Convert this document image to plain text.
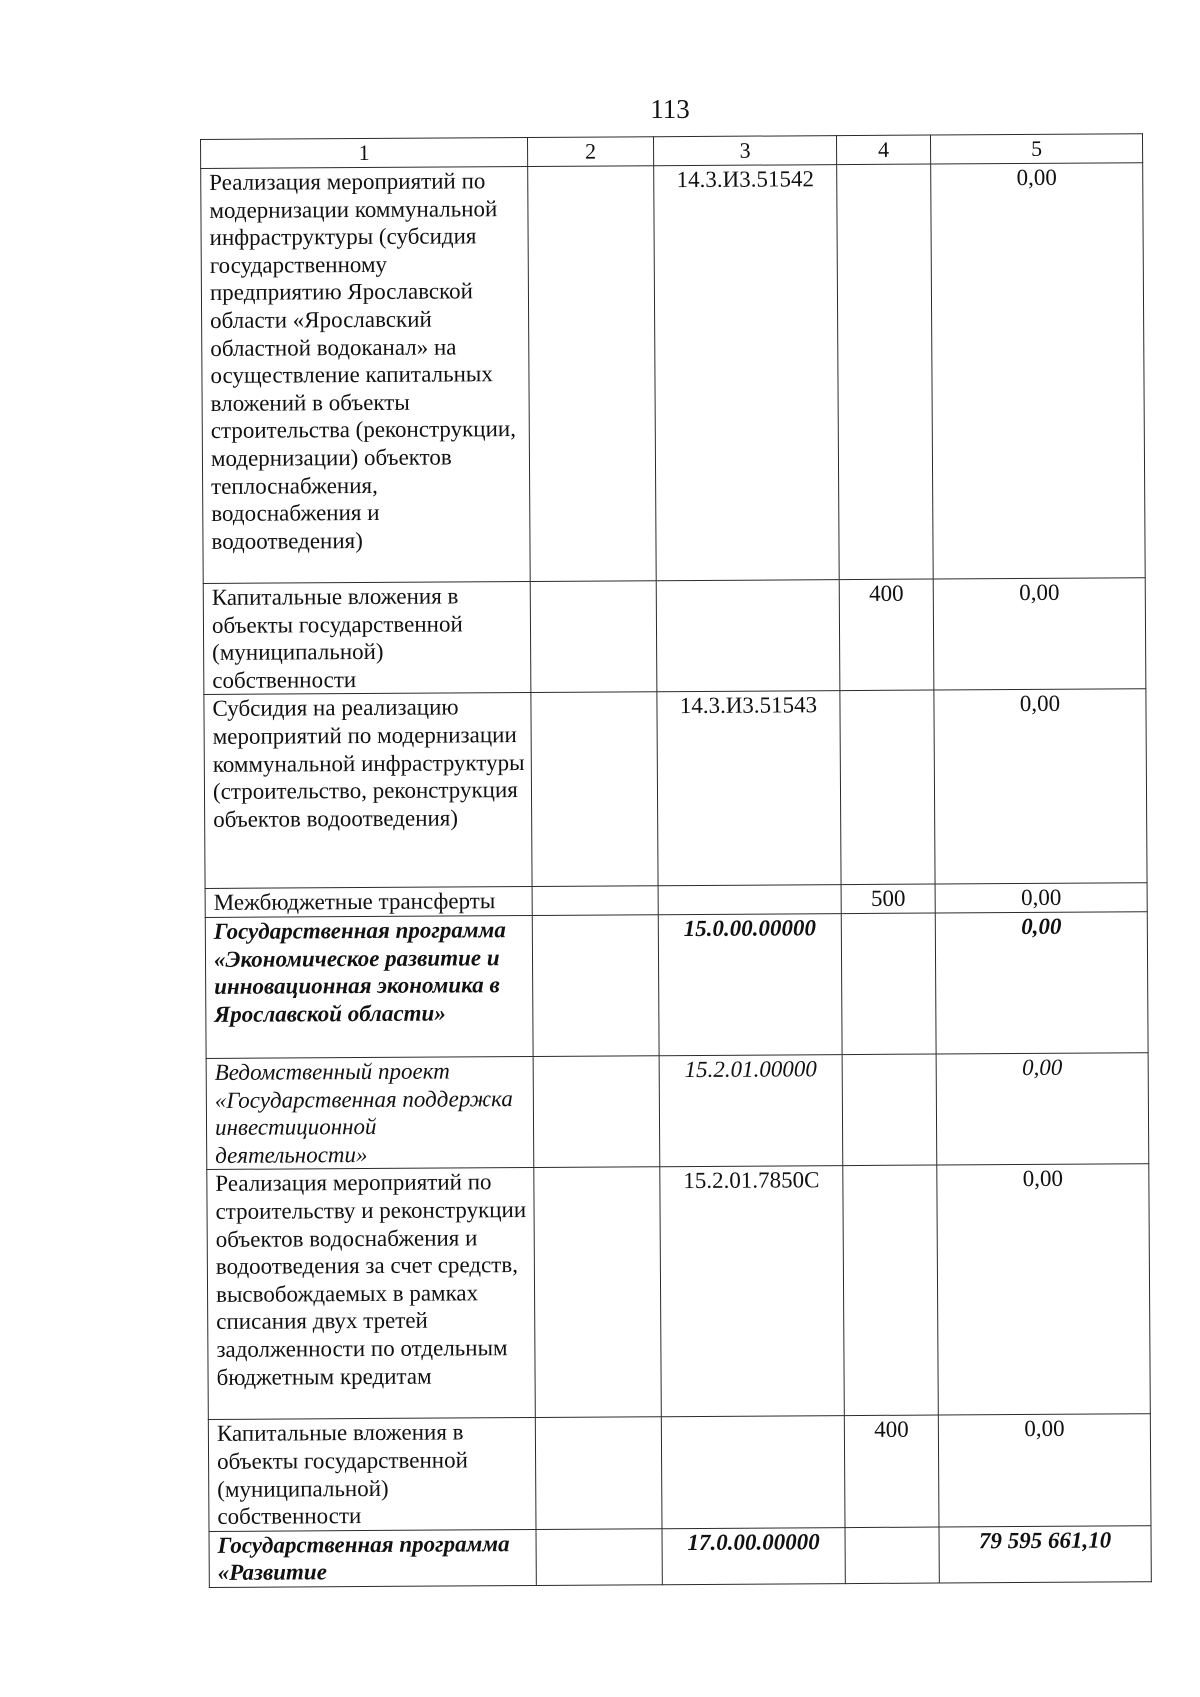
113
1	2	3	4	5
Реализация мероприятий по модернизации коммунальной инфраструктуры (субсидия государственному предприятию Ярославской области «Ярославский областной водоканал» на осуществление капитальных вложений в объекты строительства (реконструкции, модернизации) объектов теплоснабжения, водоснабжения и водоотведения)		14.3.И3.51542		0,00
Капитальные вложения в объекты государственной (муниципальной) собственности			400	0,00
Субсидия на реализацию мероприятий по модернизации коммунальной инфраструктуры (строительство, реконструкция объектов водоотведения)		14.3.И3.51543		0,00
Межбюджетные трансферты			500	0,00
Государственная программа «Экономическое развитие и инновационная экономика в Ярославской области»		15.0.00.00000		0,00
Ведомственный проект «Государственная поддержка инвестиционной деятельности»		15.2.01.00000		0,00
Реализация мероприятий по строительству и реконструкции объектов водоснабжения и водоотведения за счет средств, высвобождаемых в рамках списания двух третей задолженности по отдельным бюджетным кредитам		15.2.01.7850С		0,00
Капитальные вложения в объекты государственной (муниципальной) собственности			400	0,00
Государственная программа «Развитие		17.0.00.00000		79 595 661,10
